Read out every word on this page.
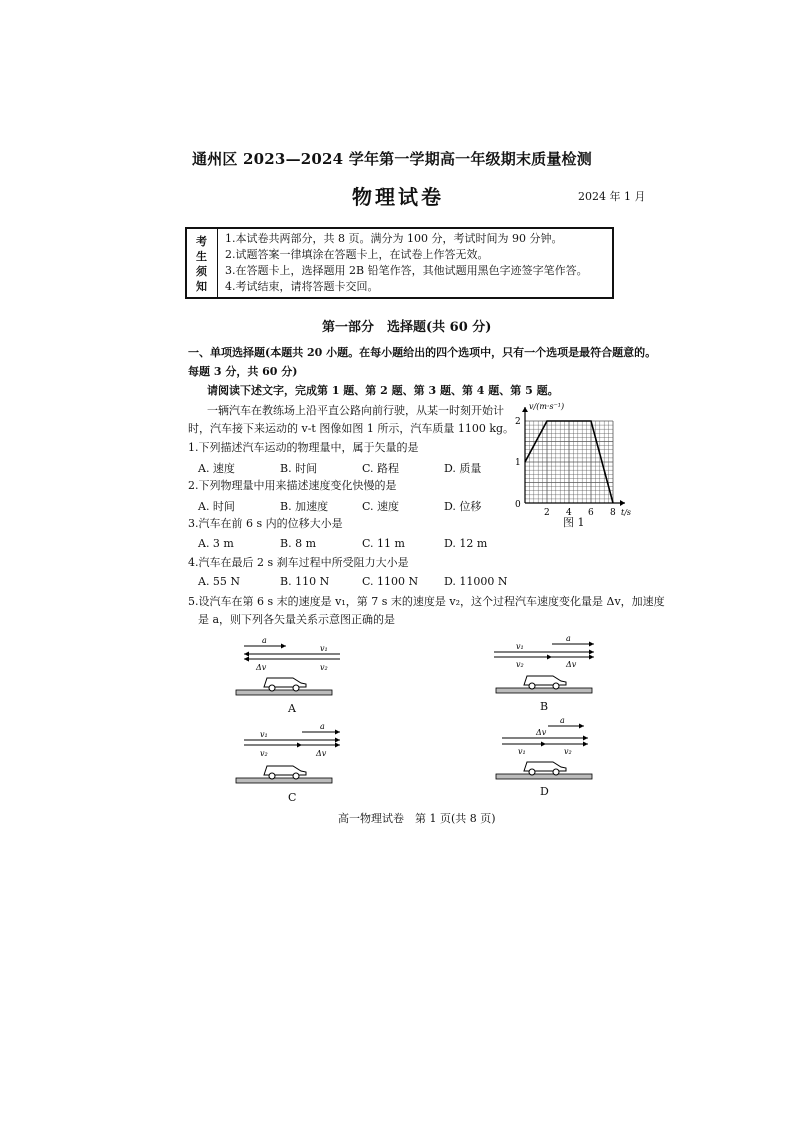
通州区 2023—2024 学年第一学期高一年级期末质量检测
物理试卷	2024 年 1 月
考
生
须
知
1.本试卷共两部分，共 8 页。满分为 100 分，考试时间为 90 分钟。
2.试题答案一律填涂在答题卡上，在试卷上作答无效。
3.在答题卡上，选择题用 2B 铅笔作答，其他试题用黑色字迹签字笔作答。
4.考试结束，请将答题卡交回。
第一部分　选择题(共 60 分)
一、单项选择题(本题共 20 小题。在每小题给出的四个选项中，只有一个选项是最符合题意的。
每题 3 分，共 60 分)
请阅读下述文字，完成第 1 题、第 2 题、第 3 题、第 4 题、第 5 题。
一辆汽车在教练场上沿平直公路向前行驶，从某一时刻开始计
时，汽车接下来运动的 v-t 图像如图 1 所示，汽车质量 1100 kg。
1.下列描述汽车运动的物理量中，属于矢量的是
A. 速度	B. 时间	C. 路程	D. 质量
2.下列物理量中用来描述速度变化快慢的是
A. 时间	B. 加速度	C. 速度	D. 位移
3.汽车在前 6 s 内的位移大小是
A. 3 m	B. 8 m	C. 11 m	D. 12 m
4.汽车在最后 2 s 刹车过程中所受阻力大小是
A. 55 N	B. 110 N	C. 1100 N D. 11000 N
5.设汽车在第 6 s 末的速度是 v₁，第 7 s 末的速度是 v₂，这个过程汽车速度变化量是 Δv，加速度
是 a，则下列各矢量关系示意图正确的是
2 4 6 8
1
2
0
t/s
v/(m·s⁻¹)
图 1
a
v₁
v₂
Δv
A
a
v₁
v₂	Δv
B
a
v₁
v₂	Δv
C
a
Δv
v₁	v₂
D
高一物理试卷　第 1 页(共 8 页)
